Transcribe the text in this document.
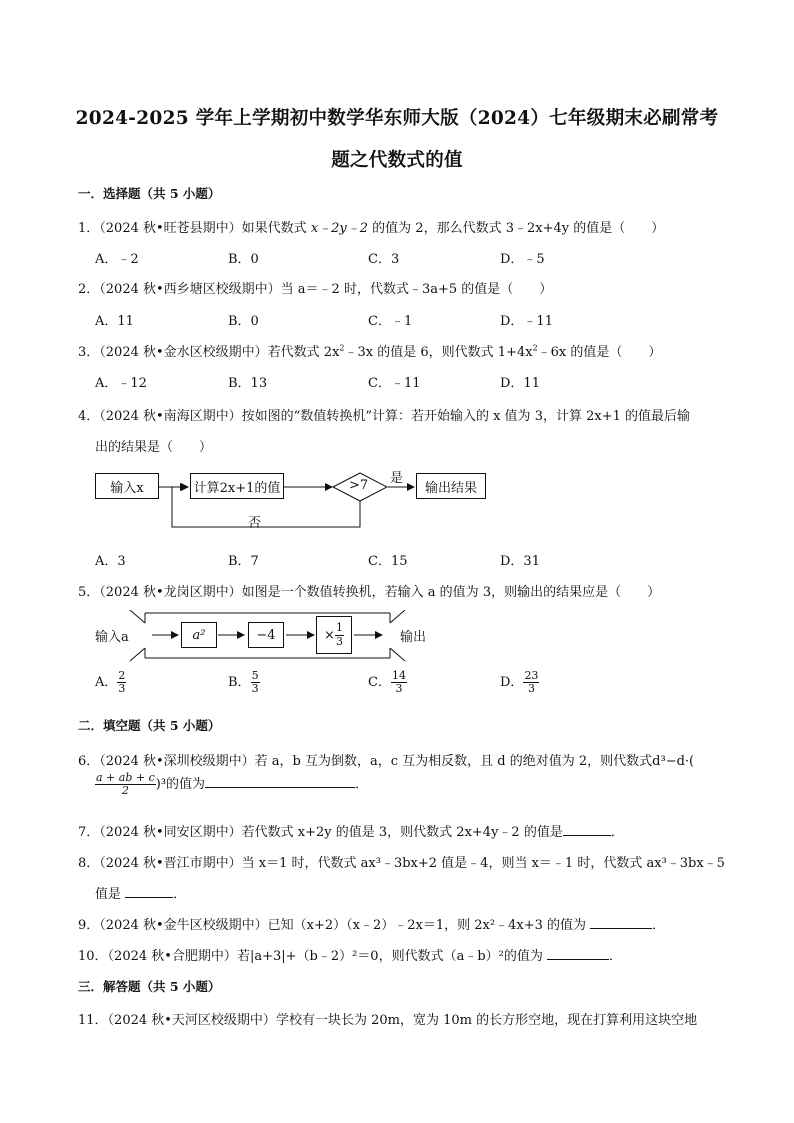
2024-2025 学年上学期初中数学华东师大版（2024）七年级期末必刷常考
题之代数式的值
一．选择题（共 5 小题）
1．（2024 秋•旺苍县期中）如果代数式 x﹣2y﹣2 的值为 2，那么代数式 3﹣2x+4y 的值是（　　）
A．﹣2	B．0	C．3	D．﹣5
2．（2024 秋•西乡塘区校级期中）当 a＝﹣2 时，代数式﹣3a+5 的值是（　　）
A．11	B．0	C．﹣1	D．﹣11
3．（2024 秋•金水区校级期中）若代数式 $2x^2﹣3x$ 的值是 6，则代数式 $1+4x^2﹣6x$ 的值是（　　）
A．﹣12	B．13	C．﹣11	D．11
4．（2024 秋•南海区期中）按如图的“数值转换机”计算：若开始输入的 x 值为 3，计算 2x+1 的值最后输
出的结果是（　　）
输入x	计算2x+1的值	>7 是
输出结果
否
A．3	B．7	C．15	D．31
5．（2024 秋•龙岗区期中）如图是一个数值转换机，若输入 a 的值为 3，则输出的结果应是（　　）
输入a	a²	−4	× $\frac{1}{3}$	输出
A． $\frac{2}{3}$	B． $\frac{5}{3}$	C． $\frac{14}{3}$	D． $\frac{23}{3}$
二．填空题（共 5 小题）
6．（2024 秋•深圳校级期中）若 a，b 互为倒数，a，c 互为相反数，且 d 的绝对值为 2，则代数式d³−d·(
$\frac{a + ab + c}{2} )^3$的值为	．
7．（2024 秋•同安区期中）若代数式 x+2y 的值是 3，则代数式 2x+4y﹣2 的值是	．
8．（2024 秋•晋江市期中）当 x＝1 时，代数式 ax³﹣3bx+2 值是﹣4，则当 x＝﹣1 时，代数式 ax³﹣3bx﹣5
值是	．
9．（2024 秋•金牛区校级期中）已知（x+2）（x﹣2）﹣2x＝1，则 2x²﹣4x+3 的值为	．
10．（2024 秋•合肥期中）若|a+3|+（b﹣2）²＝0，则代数式（a﹣b）²的值为	．
三．解答题（共 5 小题）
11．（2024 秋•天河区校级期中）学校有一块长为 20m，宽为 10m 的长方形空地，现在打算利用这块空地
